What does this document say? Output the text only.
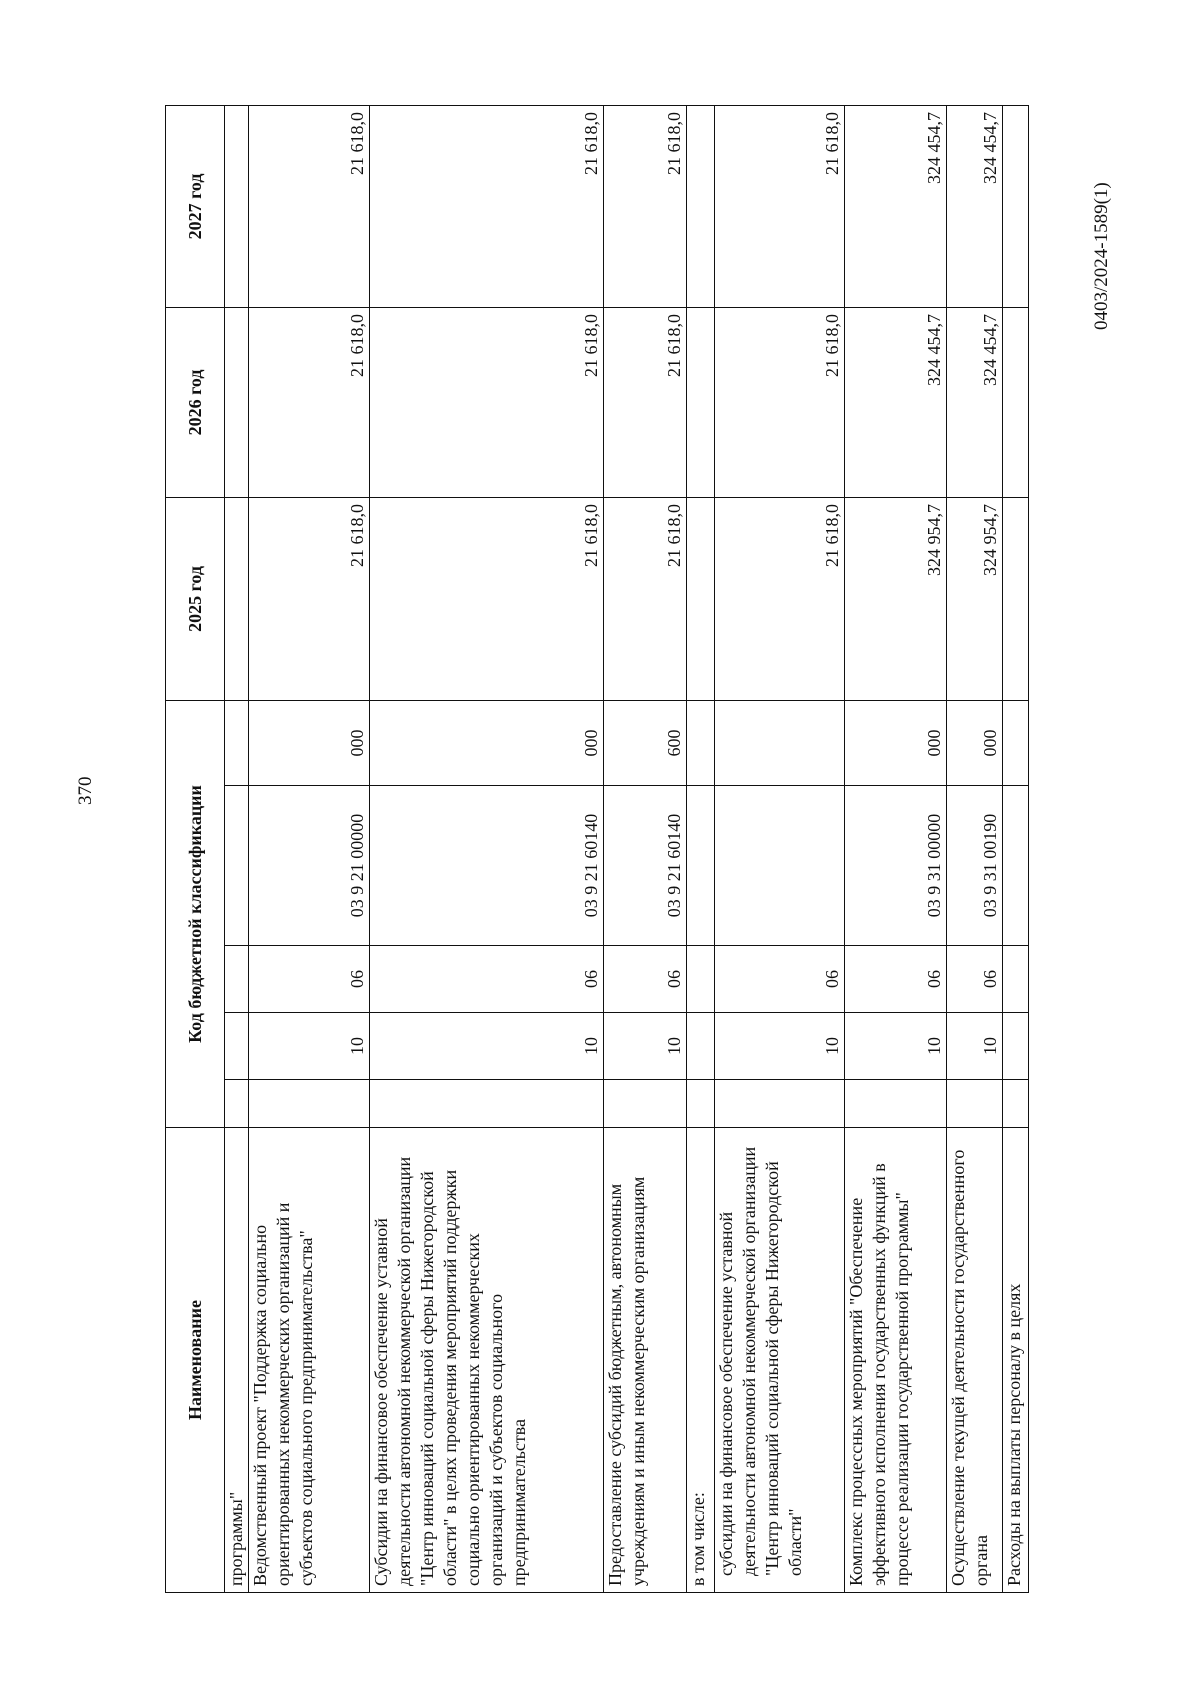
370
Наименование	Код бюджетной классификации					2025 год	2026 год	2027 год
программы"								
Ведомственный проект "Поддержка социально ориентированных некоммерческих организаций и субъектов социального предпринимательства"		10	06	03 9 21 00000	000	21 618,0	21 618,0	21 618,0
Субсидии на финансовое обеспечение уставной деятельности автономной некоммерческой организации "Центр инноваций социальной сферы Нижегородской области" в целях проведения мероприятий поддержки социально ориентированных некоммерческих организаций и субъектов социального предпринимательства		10	06	03 9 21 60140	000	21 618,0	21 618,0	21 618,0
Предоставление субсидий бюджетным, автономным учреждениям и иным некоммерческим организациям		10	06	03 9 21 60140	600	21 618,0	21 618,0	21 618,0
в том числе:								
субсидии на финансовое обеспечение уставной деятельности автономной некоммерческой организации "Центр инноваций социальной сферы Нижегородской области"		10	06			21 618,0	21 618,0	21 618,0
Комплекс процессных мероприятий "Обеспечение эффективного исполнения государственных функций в процессе реализации государственной программы"		10	06	03 9 31 00000	000	324 954,7	324 454,7	324 454,7
Осуществление текущей деятельности государственного органа		10	06	03 9 31 00190	000	324 954,7	324 454,7	324 454,7
Расходы на выплаты персоналу в целях								
0403/2024-1589(1)
